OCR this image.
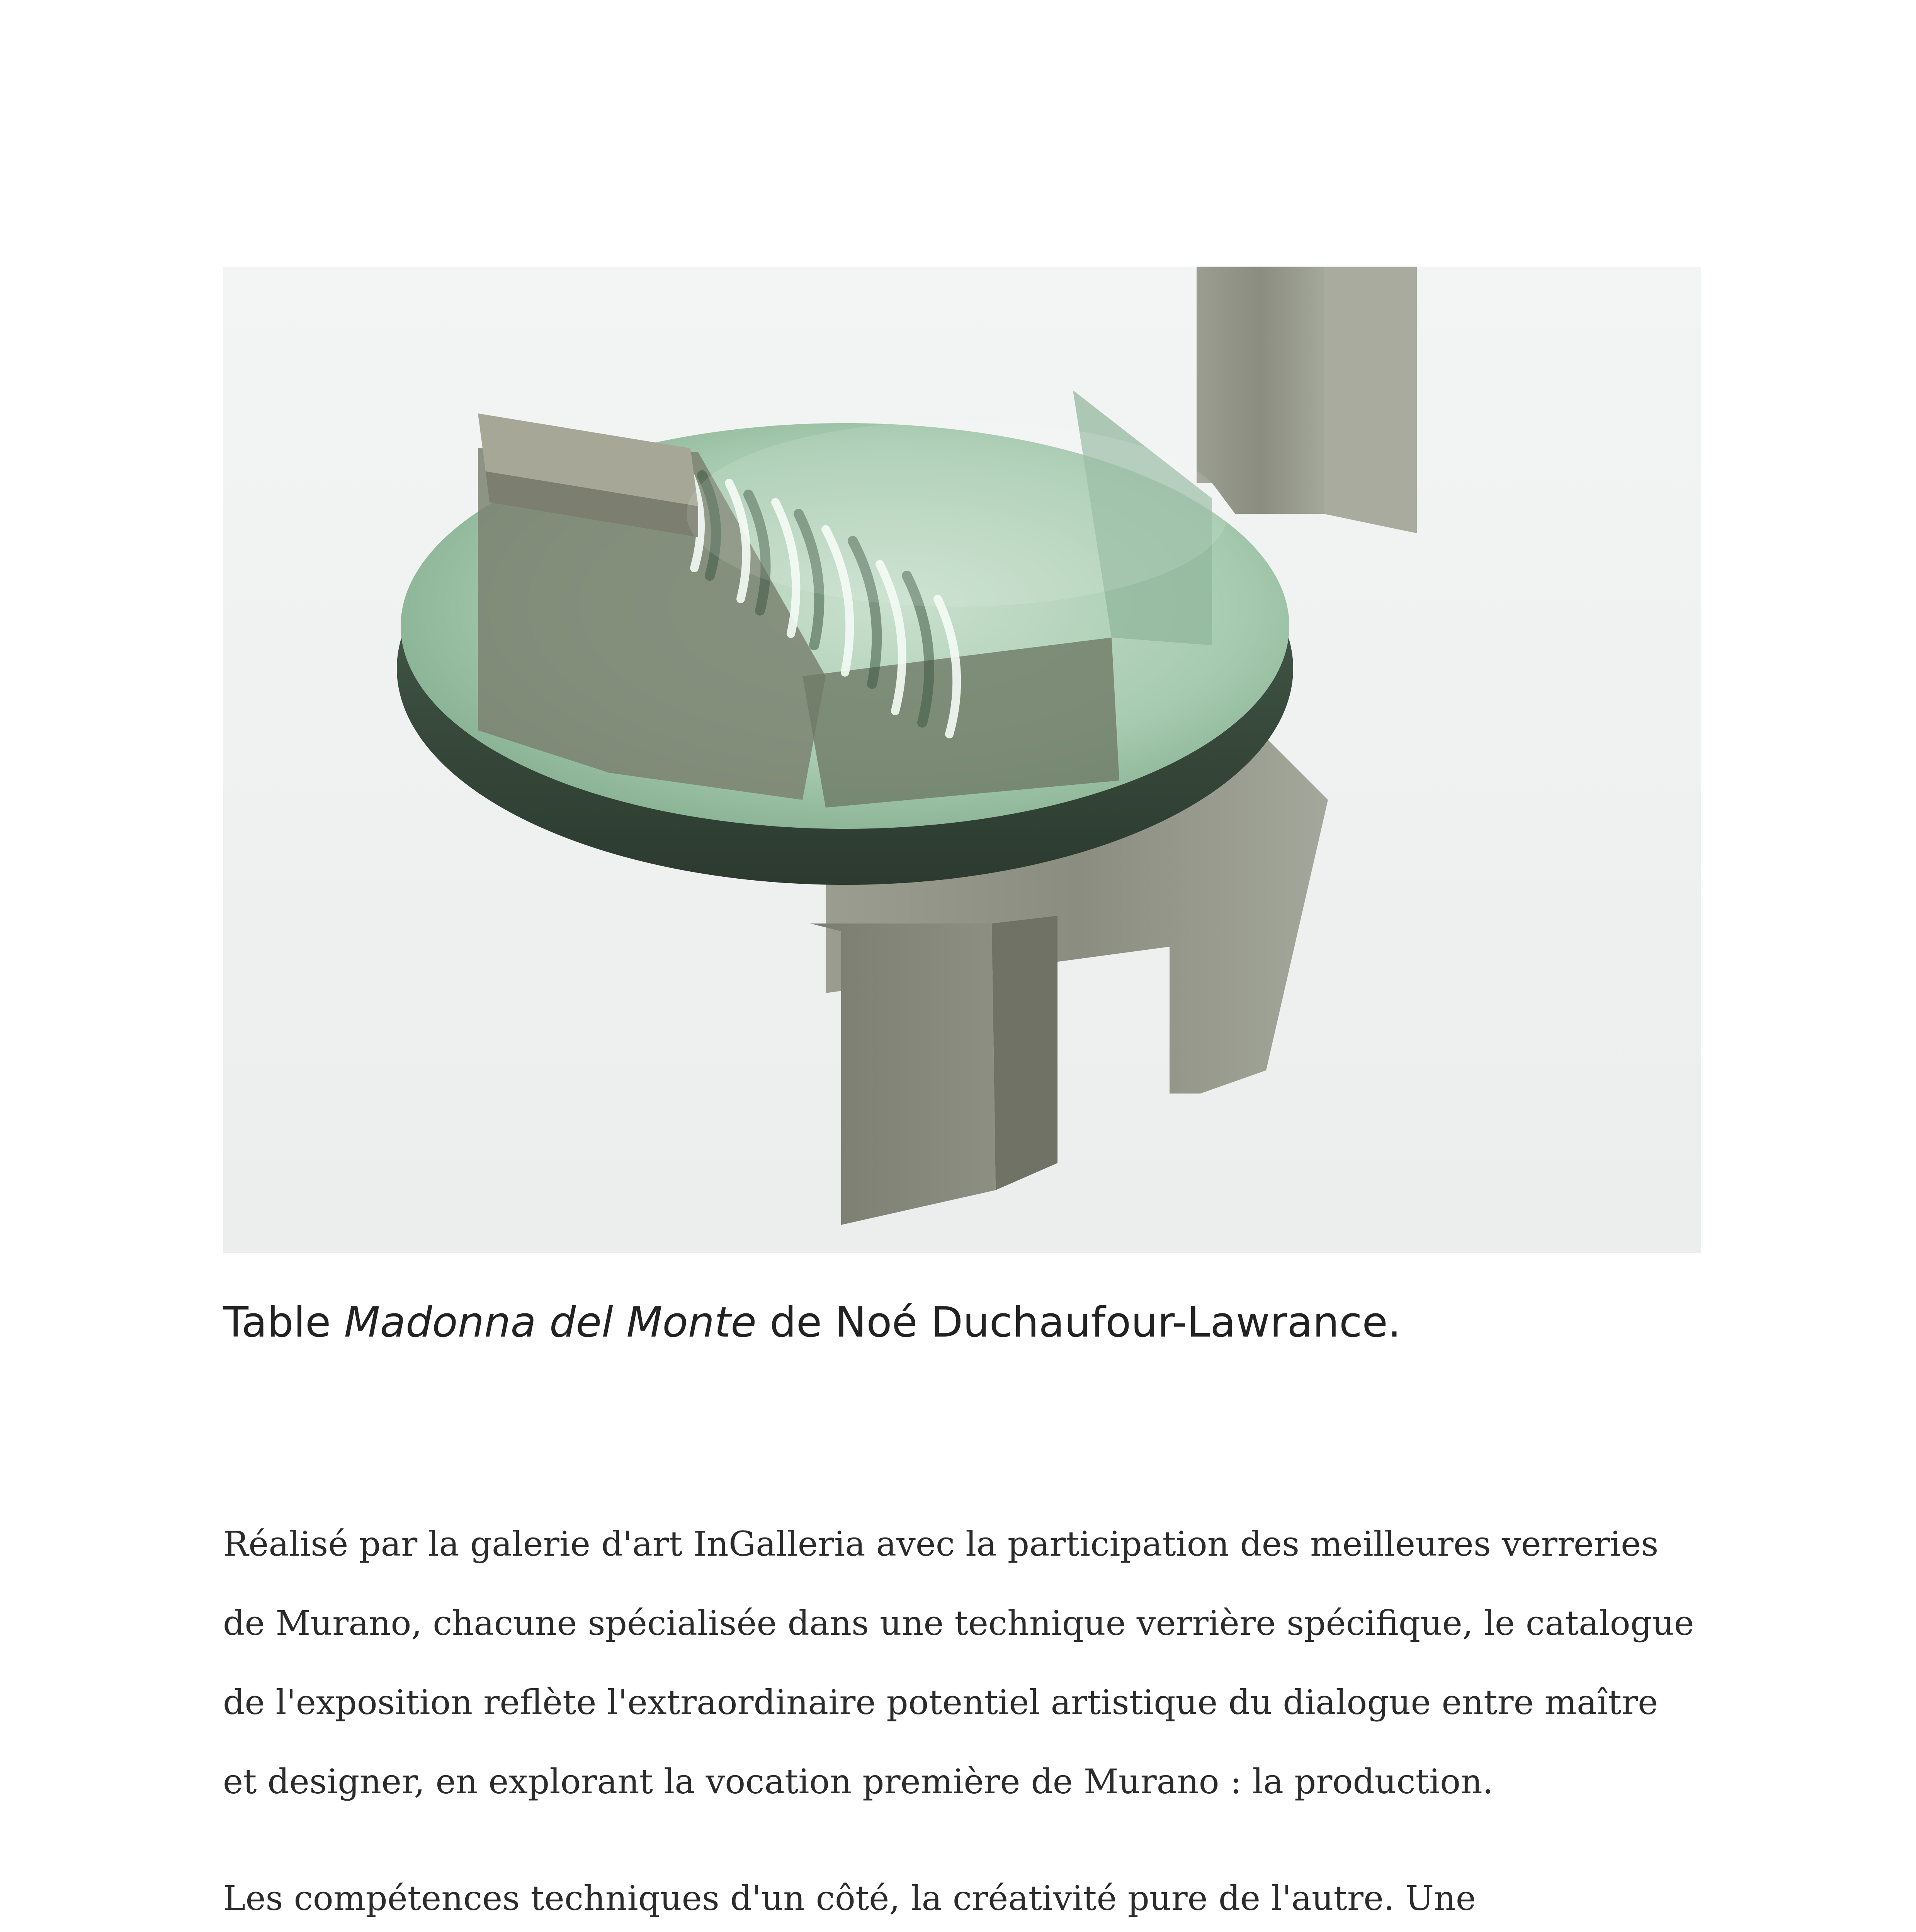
Table Madonna del Monte de Noé Duchaufour-Lawrance.
Réalisé par la galerie d'art InGalleria avec la participation des meilleures verreries de Murano, chacune spécialisée dans une technique verrière spécifique, le catalogue de l'exposition reflète l'extraordinaire potentiel artistique du dialogue entre maître et designer, en explorant la vocation première de Murano : la production.
Les compétences techniques d'un côté, la créativité pure de l'autre. Une
